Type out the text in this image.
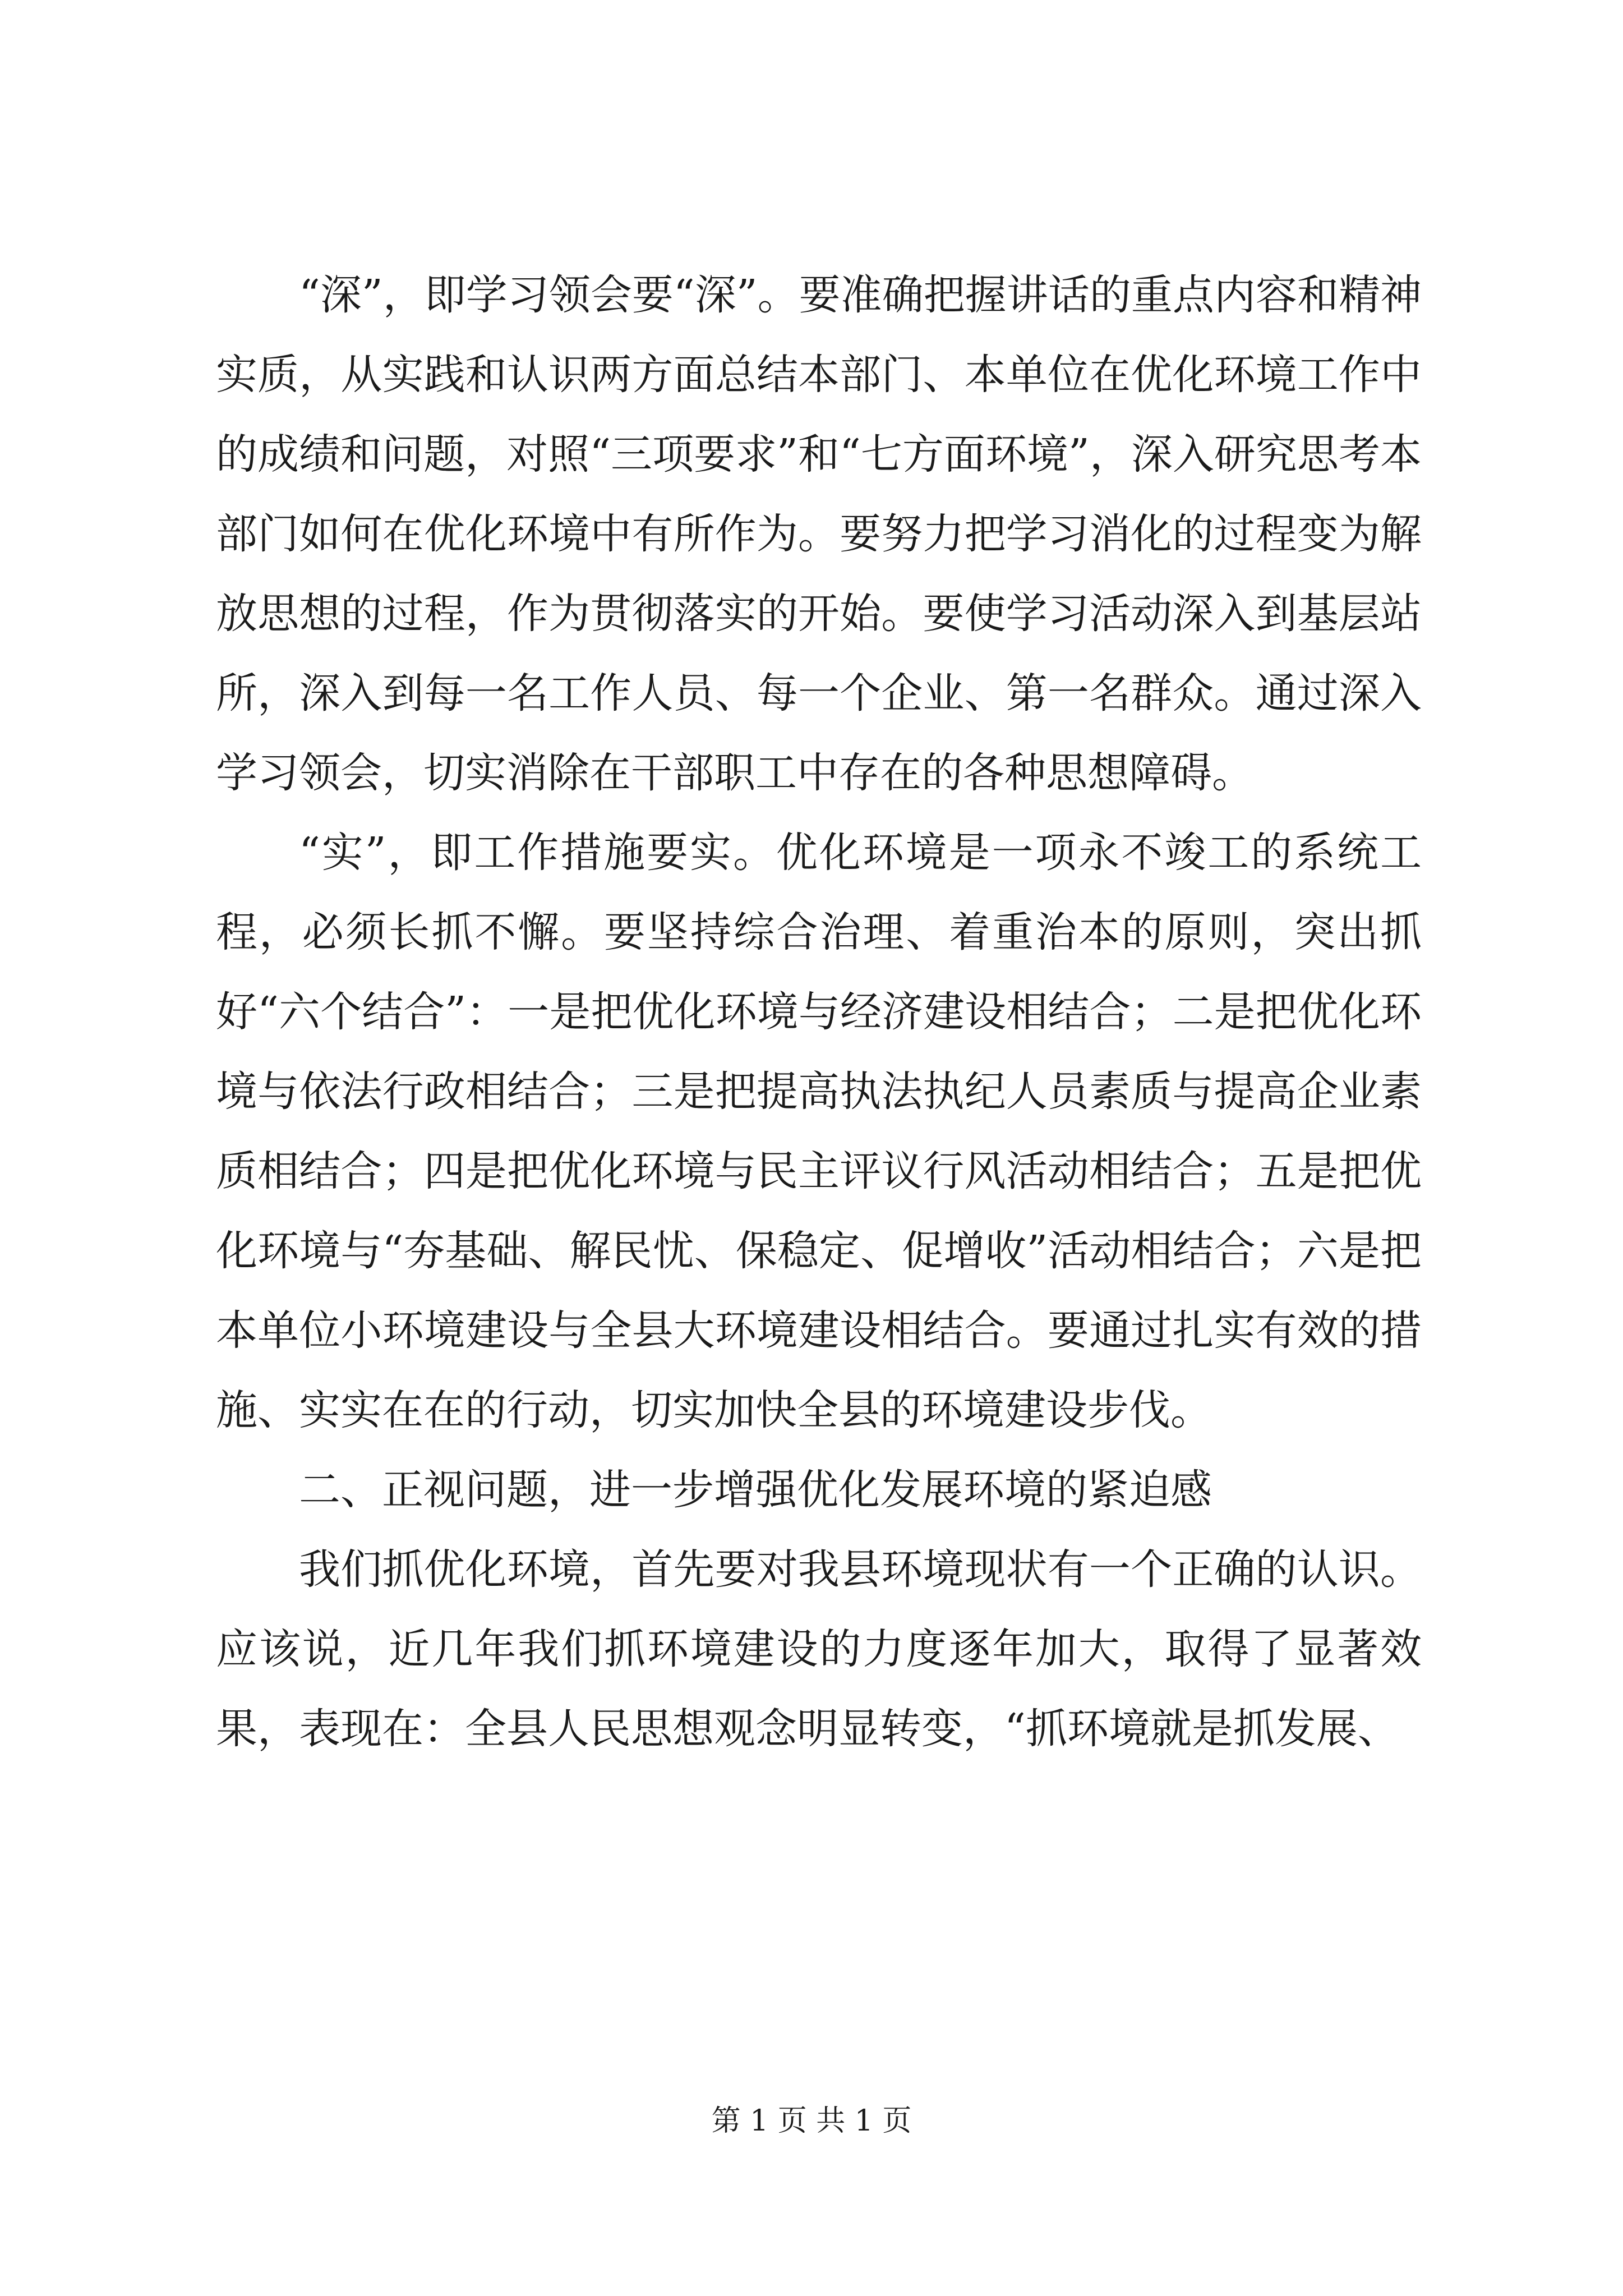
“深”，即学习领会要“深”。要准确把握讲话的重点内容和精神实质，从实践和认识两方面总结本部门、本单位在优化环境工作中的成绩和问题，对照“三项要求”和“七方面环境”，深入研究思考本部门如何在优化环境中有所作为。要努力把学习消化的过程变为解放思想的过程，作为贯彻落实的开始。要使学习活动深入到基层站所，深入到每一名工作人员、每一个企业、第一名群众。通过深入学习领会，切实消除在干部职工中存在的各种思想障碍。

“实”，即工作措施要实。优化环境是一项永不竣工的系统工程，必须长抓不懈。要坚持综合治理、着重治本的原则，突出抓好“六个结合”：一是把优化环境与经济建设相结合；二是把优化环境与依法行政相结合；三是把提高执法执纪人员素质与提高企业素质相结合；四是把优化环境与民主评议行风活动相结合；五是把优化环境与“夯基础、解民忧、保稳定、促增收”活动相结合；六是把本单位小环境建设与全县大环境建设相结合。要通过扎实有效的措施、实实在在的行动，切实加快全县的环境建设步伐。

二、正视问题，进一步增强优化发展环境的紧迫感

我们抓优化环境，首先要对我县环境现状有一个正确的认识。应该说，近几年我们抓环境建设的力度逐年加大，取得了显著效果，表现在：全县人民思想观念明显转变，“抓环境就是抓发展、

第 1 页 共 1 页
